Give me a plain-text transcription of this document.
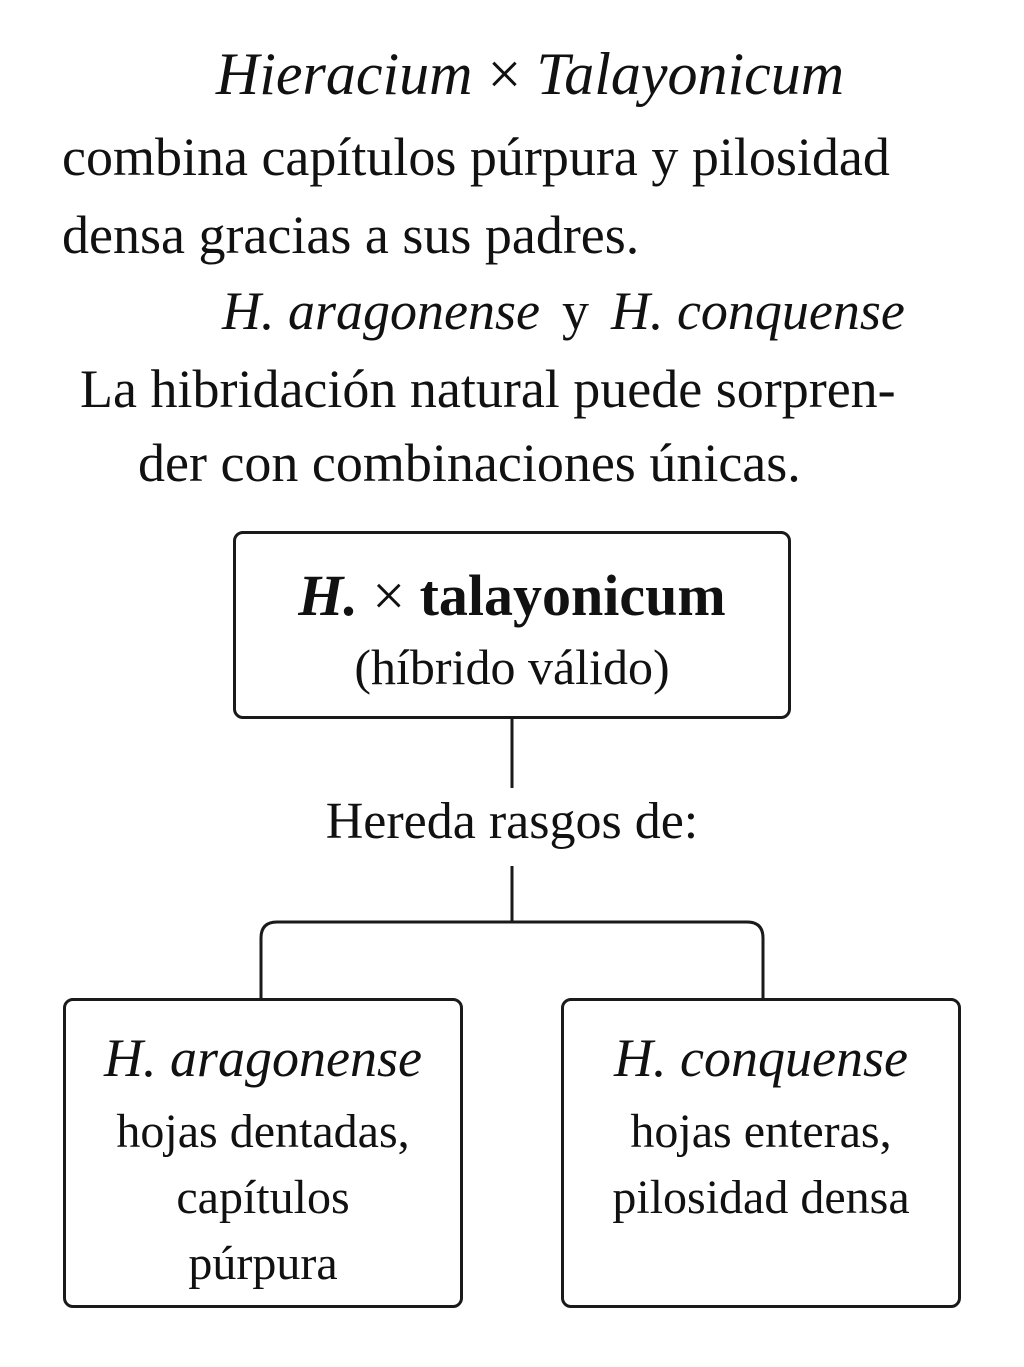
Hieracium × Talayonicum
combina capítulos púrpura y pilosidad
densa gracias a sus padres.
H. aragonense y H. conquense
La hibridación natural puede sorpren-
der con combinaciones únicas.
H. × talayonicum
(híbrido válido)
Hereda rasgos de:
H. aragonense
hojas dentadas,
capítulos
púrpura
H. conquense
hojas enteras,
pilosidad densa
